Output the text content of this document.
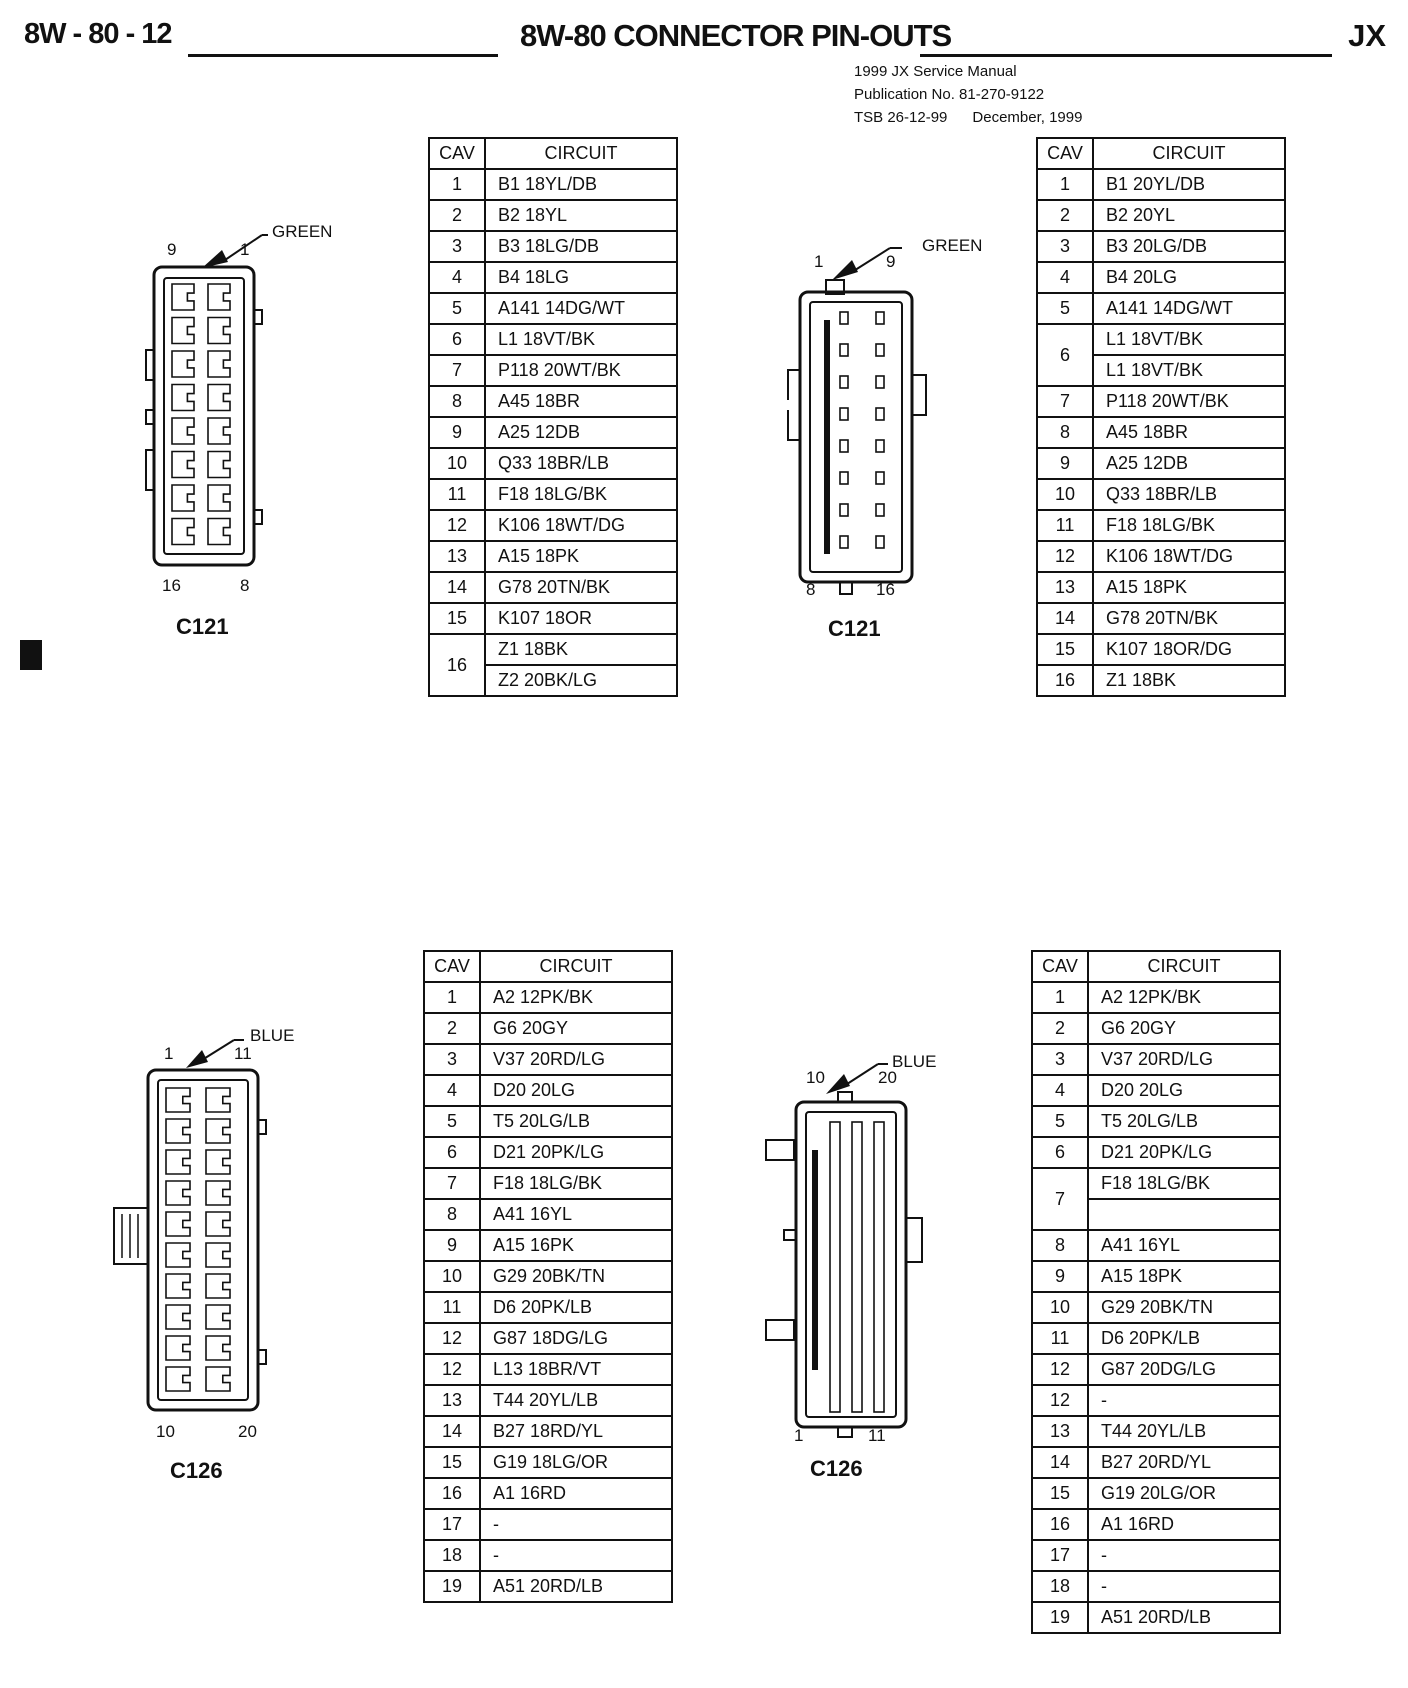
8W - 80 - 12	8W-80 CONNECTOR PIN-OUTS	JX
1999 JX Service Manual
Publication No. 81-270-9122
TSB 26-12-99      December, 1999
CAV	CIRCUIT
1	B1 18YL/DB
2	B2 18YL
3	B3 18LG/DB
4	B4 18LG
5	A141 14DG/WT
6	L1 18VT/BK
7	P118 20WT/BK
8	A45 18BR
9	A25 12DB
10	Q33 18BR/LB
11	F18 18LG/BK
12	K106 18WT/DG
13	A15 18PK
14	G78 20TN/BK
15	K107 18OR
16	Z1 18BK
	Z2 20BK/LG
CAV	CIRCUIT
1	B1 20YL/DB
2	B2 20YL
3	B3 20LG/DB
4	B4 20LG
5	A141 14DG/WT
6	L1 18VT/BK
	L1 18VT/BK
7	P118 20WT/BK
8	A45 18BR
9	A25 12DB
10	Q33 18BR/LB
11	F18 18LG/BK
12	K106 18WT/DG
13	A15 18PK
14	G78 20TN/BK
15	K107 18OR/DG
16	Z1 18BK
CAV	CIRCUIT
1	A2 12PK/BK
2	G6 20GY
3	V37 20RD/LG
4	D20 20LG
5	T5 20LG/LB
6	D21 20PK/LG
7	F18 18LG/BK
8	A41 16YL
9	A15 16PK
10	G29 20BK/TN
11	D6 20PK/LB
12	G87 18DG/LG
12	L13 18BR/VT
13	T44 20YL/LB
14	B27 18RD/YL
15	G19 18LG/OR
16	A1 16RD
17	-
18	-
19	A51 20RD/LB
CAV	CIRCUIT
1	A2 12PK/BK
2	G6 20GY
3	V37 20RD/LG
4	D20 20LG
5	T5 20LG/LB
6	D21 20PK/LG
7	F18 18LG/BK

8	A41 16YL
9	A15 18PK
10	G29 20BK/TN
11	D6 20PK/LB
12	G87 20DG/LG
12	-
13	T44 20YL/LB
14	B27 20RD/YL
15	G19 20LG/OR
16	A1 16RD
17	-
18	-
19	A51 20RD/LB
GREEN
9	1
16	8
C121
GREEN
1	9
8	16
C121
BLUE
1	11
10	20
C126
BLUE
10	20
1	11
C126
